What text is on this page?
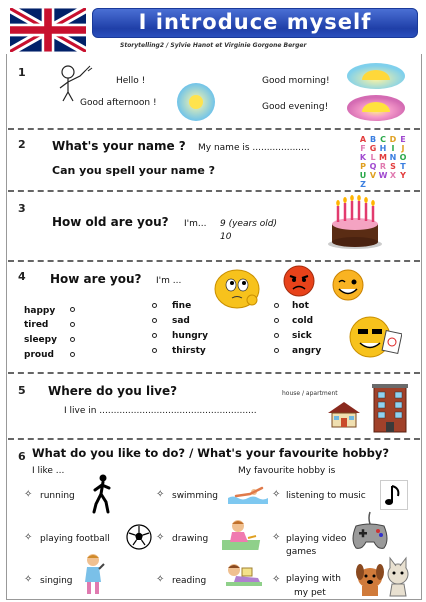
I introduce myself
Storytelling2 / Sylvie Hanot et Virginie Gorgone Berger
1
Hello !
Good afternoon !
Good morning!
Good evening!
2 What's your name ? My name is ....................
Can you spell your name ?
A B C D E
F G H I J
K L M N O
P Q R S T
U V W X Y
Z
3
How old are you? I'm... 9 (years old)
10
4 How are you? I'm ...
happy
tired
sleepy
proud
fine
sad
hungry
thirsty
hot
cold
sick
angry
5 Where do you live?
I live in .......................................................
house / apartment
6 What do you like to do? / What's your favourite hobby?
I like ...	My favourite hobby is
✧ running	✧ swimming	✧ listening to music
✧ playing football	✧ drawing	✧ playing video
games
✧ singing	✧ reading	✧ playing with
my pet
